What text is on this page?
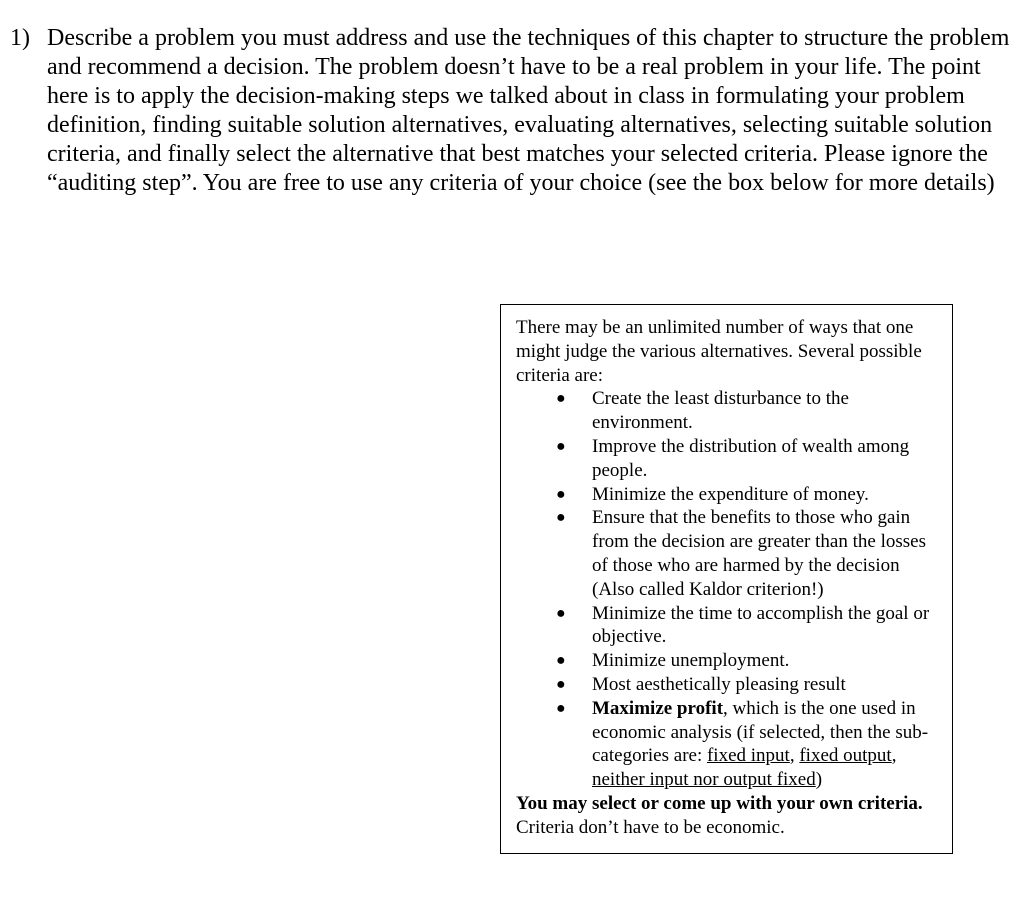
1) Describe a problem you must address and use the techniques of this chapter to structure the problem and recommend a decision. The problem doesn’t have to be a real problem in your life. The point here is to apply the decision-making steps we talked about in class in formulating your problem definition, finding suitable solution alternatives, evaluating alternatives, selecting suitable solution criteria, and finally select the alternative that best matches your selected criteria. Please ignore the “auditing step”. You are free to use any criteria of your choice (see the box below for more details)
There may be an unlimited number of ways that one might judge the various alternatives. Several possible criteria are:
● Create the least disturbance to the environment.
● Improve the distribution of wealth among people.
● Minimize the expenditure of money.
● Ensure that the benefits to those who gain from the decision are greater than the losses of those who are harmed by the decision (Also called Kaldor criterion!)
● Minimize the time to accomplish the goal or objective.
● Minimize unemployment.
● Most aesthetically pleasing result
● Maximize profit, which is the one used in economic analysis (if selected, then the sub-categories are: fixed input, fixed output, neither input nor output fixed)
You may select or come up with your own criteria. Criteria don’t have to be economic.
